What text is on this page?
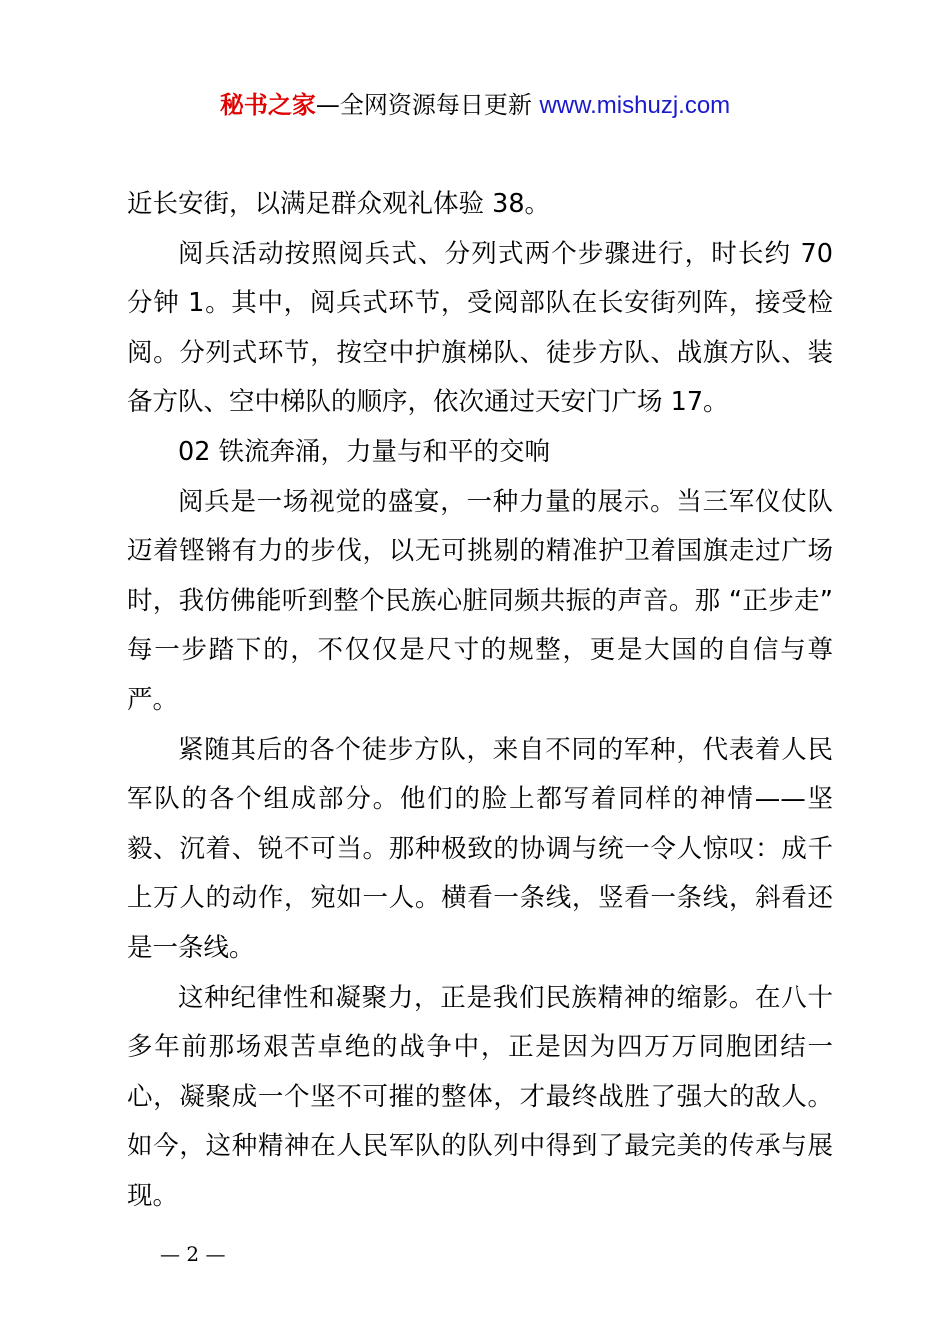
秘书之家—全网资源每日更新 www.mishuzj.com

近长安街，以满足群众观礼体验 38。

阅兵活动按照阅兵式、分列式两个步骤进行，时长约 70 分钟 1。其中，阅兵式环节，受阅部队在长安街列阵，接受检阅。分列式环节，按空中护旗梯队、徒步方队、战旗方队、装备方队、空中梯队的顺序，依次通过天安门广场 17。

02 铁流奔涌，力量与和平的交响

阅兵是一场视觉的盛宴，一种力量的展示。当三军仪仗队迈着铿锵有力的步伐，以无可挑剔的精准护卫着国旗走过广场时，我仿佛能听到整个民族心脏同频共振的声音。那 “正步走” 每一步踏下的，不仅仅是尺寸的规整，更是大国的自信与尊严。

紧随其后的各个徒步方队，来自不同的军种，代表着人民军队的各个组成部分。他们的脸上都写着同样的神情——坚毅、沉着、锐不可当。那种极致的协调与统一令人惊叹：成千上万人的动作，宛如一人。横看一条线，竖看一条线，斜看还是一条线。

这种纪律性和凝聚力，正是我们民族精神的缩影。在八十多年前那场艰苦卓绝的战争中，正是因为四万万同胞团结一心，凝聚成一个坚不可摧的整体，才最终战胜了强大的敌人。如今，这种精神在人民军队的队列中得到了最完美的传承与展现。

— 2 —
